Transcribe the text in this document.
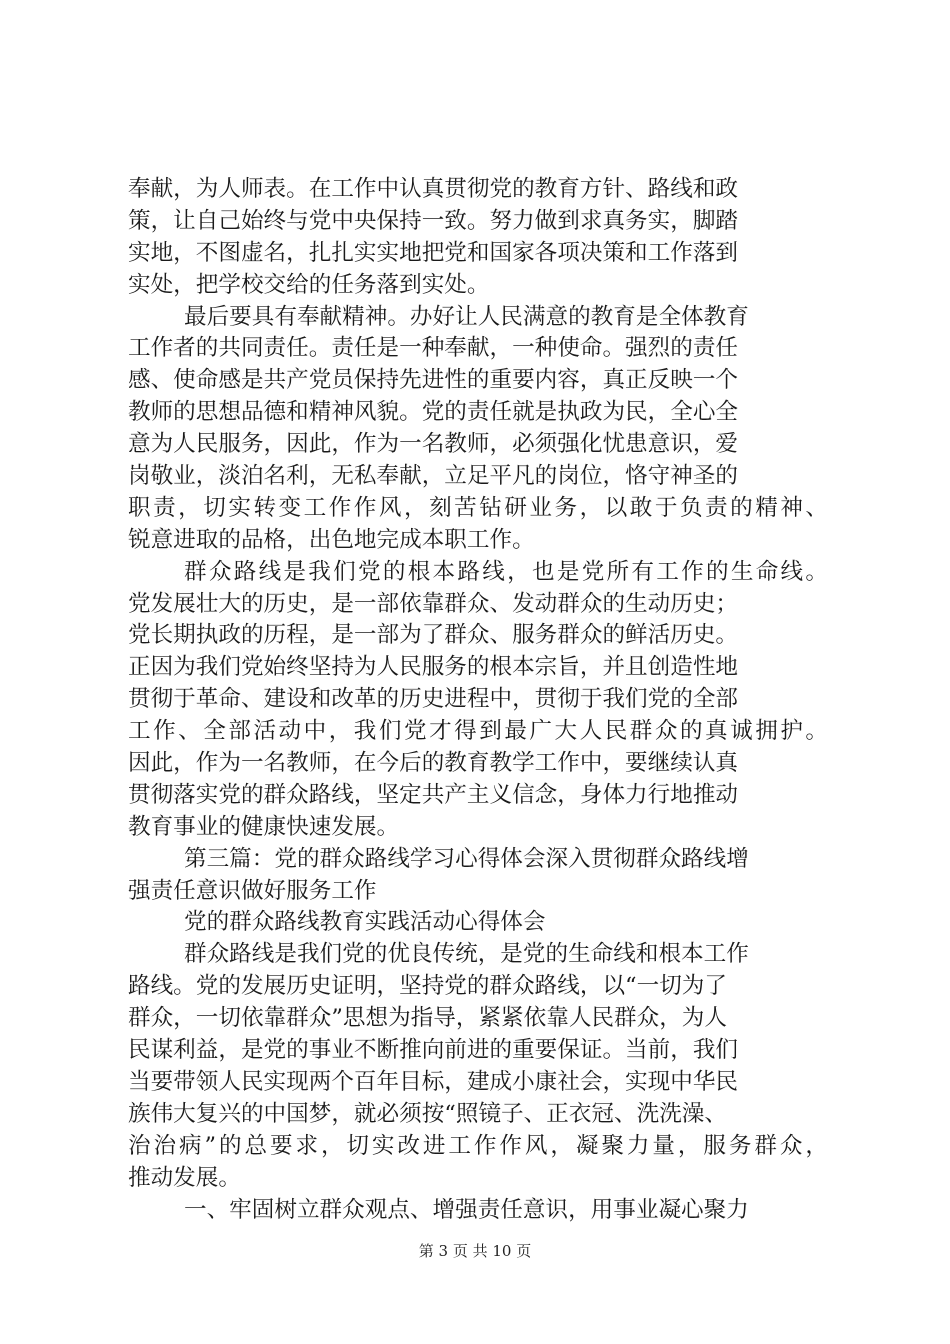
奉献，为人师表。在工作中认真贯彻党的教育方针、路线和政
策，让自己始终与党中央保持一致。努力做到求真务实，脚踏
实地，不图虚名，扎扎实实地把党和国家各项决策和工作落到
实处，把学校交给的任务落到实处。
最后要具有奉献精神。办好让人民满意的教育是全体教育
工作者的共同责任。责任是一种奉献，一种使命。强烈的责任
感、使命感是共产党员保持先进性的重要内容，真正反映一个
教师的思想品德和精神风貌。党的责任就是执政为民，全心全
意为人民服务，因此，作为一名教师，必须强化忧患意识，爱
岗敬业，淡泊名利，无私奉献，立足平凡的岗位，恪守神圣的
职责，切实转变工作作风，刻苦钻研业务，以敢于负责的精神、
锐意进取的品格，出色地完成本职工作。
群众路线是我们党的根本路线，也是党所有工作的生命线。
党发展壮大的历史，是一部依靠群众、发动群众的生动历史；
党长期执政的历程，是一部为了群众、服务群众的鲜活历史。
正因为我们党始终坚持为人民服务的根本宗旨，并且创造性地
贯彻于革命、建设和改革的历史进程中，贯彻于我们党的全部
工作、全部活动中，我们党才得到最广大人民群众的真诚拥护。
因此，作为一名教师，在今后的教育教学工作中，要继续认真
贯彻落实党的群众路线，坚定共产主义信念，身体力行地推动
教育事业的健康快速发展。
第三篇：党的群众路线学习心得体会深入贯彻群众路线增
强责任意识做好服务工作
党的群众路线教育实践活动心得体会
群众路线是我们党的优良传统，是党的生命线和根本工作
路线。党的发展历史证明，坚持党的群众路线，以“一切为了
群众，一切依靠群众”思想为指导，紧紧依靠人民群众，为人
民谋利益，是党的事业不断推向前进的重要保证。当前，我们
当要带领人民实现两个百年目标，建成小康社会，实现中华民
族伟大复兴的中国梦，就必须按“照镜子、正衣冠、洗洗澡、
治治病”的总要求，切实改进工作作风，凝聚力量，服务群众，
推动发展。
一、牢固树立群众观点、增强责任意识，用事业凝心聚力
第 3 页 共 10 页
